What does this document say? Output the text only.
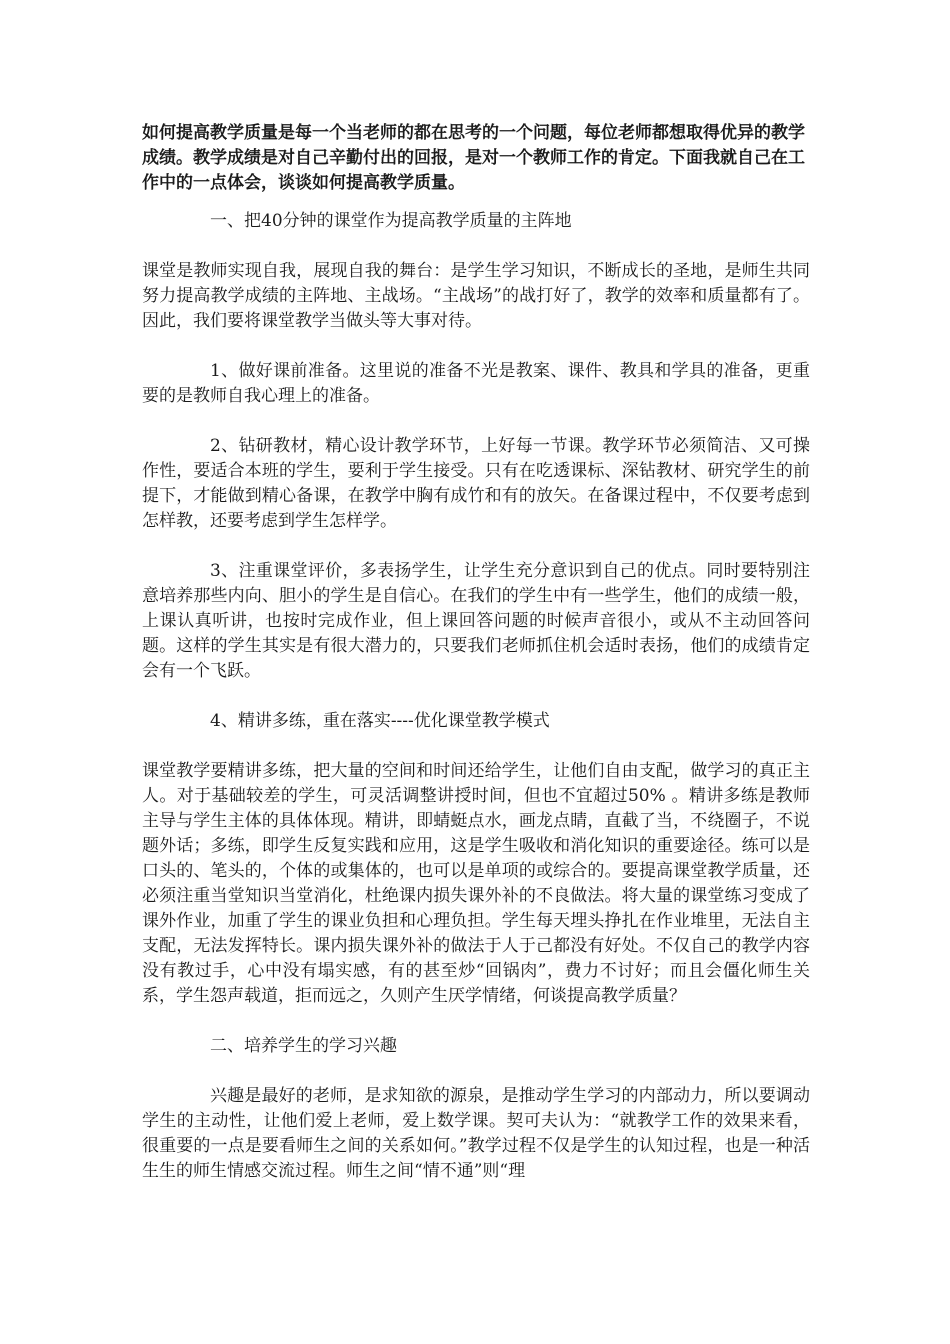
如何提高教学质量是每一个当老师的都在思考的一个问题，每位老师都想取得优异的教学成绩。教学成绩是对自己辛勤付出的回报，是对一个教师工作的肯定。下面我就自己在工作中的一点体会，谈谈如何提高教学质量。

一、把40分钟的课堂作为提高教学质量的主阵地

课堂是教师实现自我，展现自我的舞台：是学生学习知识，不断成长的圣地，是师生共同努力提高教学成绩的主阵地、主战场。“主战场”的战打好了，教学的效率和质量都有了。因此，我们要将课堂教学当做头等大事对待。

1、做好课前准备。这里说的准备不光是教案、课件、教具和学具的准备，更重要的是教师自我心理上的准备。

2、钻研教材，精心设计教学环节，上好每一节课。教学环节必须简洁、又可操作性，要适合本班的学生，要利于学生接受。只有在吃透课标、深钻教材、研究学生的前提下，才能做到精心备课，在教学中胸有成竹和有的放矢。在备课过程中，不仅要考虑到怎样教，还要考虑到学生怎样学。

3、注重课堂评价，多表扬学生，让学生充分意识到自己的优点。同时要特别注意培养那些内向、胆小的学生是自信心。在我们的学生中有一些学生，他们的成绩一般，上课认真听讲，也按时完成作业，但上课回答问题的时候声音很小，或从不主动回答问题。这样的学生其实是有很大潜力的，只要我们老师抓住机会适时表扬，他们的成绩肯定会有一个飞跃。

4、精讲多练，重在落实----优化课堂教学模式

课堂教学要精讲多练，把大量的空间和时间还给学生，让他们自由支配，做学习的真正主人。对于基础较差的学生，可灵活调整讲授时间，但也不宜超过50% 。精讲多练是教师主导与学生主体的具体体现。精讲，即蜻蜓点水，画龙点睛，直截了当，不绕圈子，不说题外话；多练，即学生反复实践和应用，这是学生吸收和消化知识的重要途径。练可以是口头的、笔头的，个体的或集体的，也可以是单项的或综合的。要提高课堂教学质量，还必须注重当堂知识当堂消化，杜绝课内损失课外补的不良做法。将大量的课堂练习变成了课外作业，加重了学生的课业负担和心理负担。学生每天埋头挣扎在作业堆里，无法自主支配，无法发挥特长。课内损失课外补的做法于人于己都没有好处。不仅自己的教学内容没有教过手，心中没有塌实感，有的甚至炒“回锅肉”，费力不讨好；而且会僵化师生关系，学生怨声载道，拒而远之，久则产生厌学情绪，何谈提高教学质量？

二、培养学生的学习兴趣

兴趣是最好的老师，是求知欲的源泉，是推动学生学习的内部动力，所以要调动学生的主动性，让他们爱上老师，爱上数学课。契可夫认为：“就教学工作的效果来看，很重要的一点是要看师生之间的关系如何。”教学过程不仅是学生的认知过程，也是一种活生生的师生情感交流过程。师生之间“情不通”则“理
